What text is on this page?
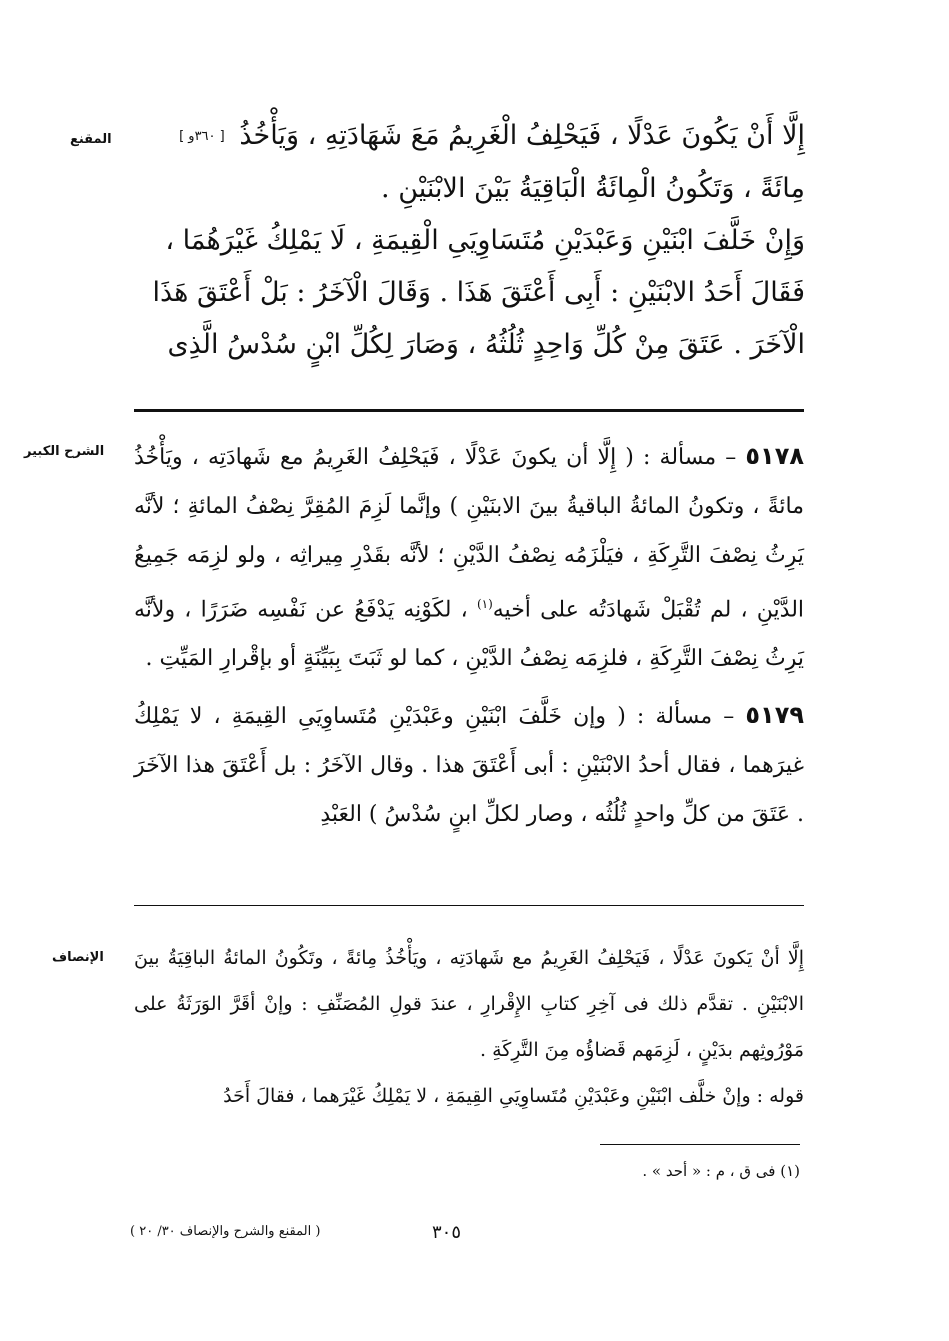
المقنع
الشرح الكبير
الإنصاف

إِلَّا أَنْ يَكُونَ عَدْلًا ، فَيَحْلِفُ الْغَرِيمُ مَعَ شَهَادَتِهِ ، وَيَأْخُذُ [ ٣٦٠و ]

مِائَةً ، وَتَكُونُ الْمِائَةُ الْبَاقِيَةُ بَيْنَ الابْنَيْنِ .

وَإِنْ خَلَّفَ ابْنَيْنِ وَعَبْدَيْنِ مُتَسَاوِيَىِ الْقِيمَةِ ، لَا يَمْلِكُ غَيْرَهُمَا ،

فَقَالَ أَحَدُ الابْنَيْنِ : أَبِى أَعْتَقَ هَذَا . وَقَالَ الْآخَرُ : بَلْ أَعْتَقَ هَذَا

الْآخَرَ . عَتَقَ مِنْ كُلِّ وَاحِدٍ ثُلُثُهُ ، وَصَارَ لِكُلِّ ابْنٍ سُدْسُ الَّذِى

٥١٧٨ – مسألة : ( إِلَّا أن يكونَ عَدْلًا ، فَيَحْلِفُ الغَرِيمُ مع شَهادَتِه ، ويَأْخُذُ مائةً ، وتكونُ المائةُ الباقيةُ بينَ الابنَيْنِ ) وإنَّما لَزِمَ المُقِرَّ نِصْفُ المائةِ ؛ لأنَّه يَرِثُ نِصْفَ التَّرِكَةِ ، فيَلْزَمُه نِصْفُ الدَّيْنِ ؛ لأنَّه بقَدْرِ مِيراثِه ، ولو لزِمَه جَمِيعُ الدَّيْنِ ، لم تُقْبَلْ شَهادَتُه على أخيه$^{(١)}$ ، لكَوْنِه يَدْفَعُ عن نَفْسِه ضَرَرًا ، ولأنَّه يَرِثُ نِصْفَ التَّرِكَةِ ، فلزِمَه نِصْفُ الدَّيْنِ ، كما لو ثَبَتَ بِبَيِّنَةٍ أو بإقْرارِ المَيِّتِ .

٥١٧٩ – مسألة : ( وإن خَلَّفَ ابْنَيْنِ وعَبْدَيْنِ مُتَساوِيَىِ القِيمَةِ ، لا يَمْلِكُ غيرَهما ، فقال أحدُ الابْنَيْنِ : أبى أَعْتَقَ هذا . وقال الآخَرُ : بل أَعْتَقَ هذا الآخَرَ . عَتَقَ من كلِّ واحدٍ ثُلُثُه ، وصار لكلِّ ابنٍ سُدْسُ ) العَبْدِ

إِلَّا أنْ يَكونَ عَدْلًا ، فَيَحْلِفُ الغَرِيمُ مع شَهادَتِه ، ويَأْخُذُ مِائةً ، وتَكُونُ المائةُ الباقِيَةُ بينَ الابْنَيْنِ . تقدَّم ذلك فى آخِرِ كتابِ الإِقْرارِ ، عندَ قولِ المُصَنِّفِ : وإنْ أقَرَّ الوَرَثَةُ على مَوْرُوثِهم بدَيْنٍ ، لَزِمَهم قَضاؤُه مِنَ التَّرِكَةِ .

قوله : وإنْ خلَّف ابْنَيْنِ وعَبْدَيْنِ مُتَساوِيَىِ القِيمَةِ ، لا يَمْلِكُ غَيْرَهما ، فقالَ أَحَدُ

(١) فى ق ، م : « أحد » .
٣٠٥
( المقنع والشرح والإنصاف ٣٠/ ٢٠ )
